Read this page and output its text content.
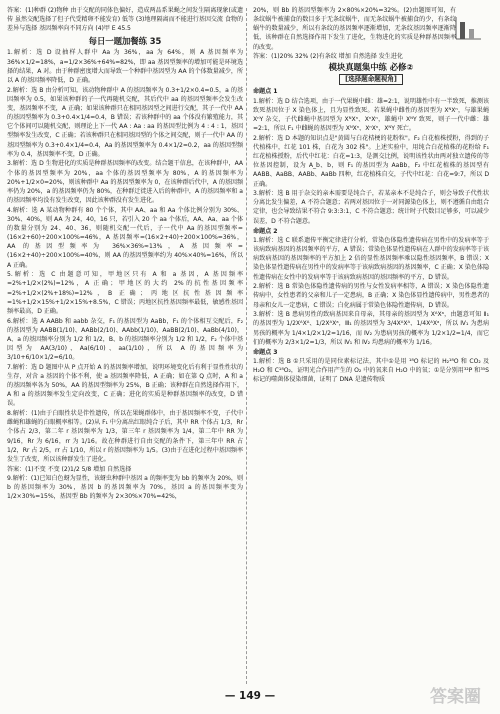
答案：(1)种群 (2)物种 由于交配的同体色偏好，造成两品系果蝇之间发生隔离现象(或遗传 虽然交配选择了但子代受精卵不能发育) 低等 (3)地理隔离而不能进行基因交流 食物的差异与选择 基因频率向不同方向 (4)甲 E 45.5

每日一题加餐练 35

1.解析：选 D 设抽样人群中 Aa 为 36%，aa 为 64%，则 A 基因频率为 36%×1/2=18%，a=1/2×36%+64%=82%，即 aa 基因型频率的增加可能是环境选择的结果，A 对。由于种群密度增大而导致一个种群中基因型为 AA 的个体数量减少，所以 A 的基因频率降低，D 正确。

2.解析：选 B 由分析可知，该动物种群中 A 的基因频率为 0.3+1/2×0.4=0.5，a 的基因频率为 0.5，如果该种群的子一代再随机交配，其后代中 aa 的基因型频率会发生改变，基因频率不变，A 正确；如果该种群只在相同基因型之间进行交配，其子一代中 AA 的基因型频率为 0.3+0.4×1/4=0.4，B 错误；若该种群中的 aa 个体没有繁殖能力，其它个体间可以随机交配，则理论上下一代 AA : Aa : aa 的基因型比例为 4 : 4 : 1，基因型频率发生改变，C 正确；若该种群只在相同基因型的个体之间交配，则子一代中 AA 的基因型频率为 0.3+0.4×1/4=0.4，Aa 的基因型频率为 0.4×1/2=0.2，aa 的基因型频率为 0.4，基因频率不变，D 正确。

3.解析：选 D 生物进化的实质是种群基因频率的改变。结合题干信息，在该种群中，AA 个体的基因型频率为 20%，aa 个体的基因型频率为 80%，A 的基因频率为 20%+1/2×0=20%，则该种群中 Aa 的基因型频率为 0，在该种群后代中，A 的基因频率仍为 20%，a 的基因频率仍为 80%，在种群迁徙进入后的种群中，A 的基因频率和 a 的基因频率均没有发生改变，因此该种群没有发生进化。

4.解析：选 A 某动物种群有 80 个个体，其中 AA、aa 和 Aa 个体比例分别为 30%、30%、40%，则 AA 为 24，40，16 只，若引入 20 个 aa 个体后，AA、Aa、aa 个体的数量分别为 24、40、36，则随机交配一代后，子一代中 Aa 的基因型频率=(16×2+60)÷200×100%=46%，A 基因频率=(16×2+40)÷200×100%=36%，AA 的基因型频率为 36%×36%≈13%，A 基因频率=(16×2+40)÷200×100%=40%，则 AA 的基因型频率约为 40%×40%=16%，所以 A 正确。

5.解析：选 C 由题意可知，甲地区只有 A 和 a 基因，A 基因频率=2%+1/2×(2%)=12%，A 正确；甲地区的大约 2%的抗性基因频率=2%+1/2×(2%+18%)=12%，B 正确；丙地区抗性基因频率=1%+1/2×15%+1/2×15%+8.5%，C 错误；丙地区抗性基因频率最低，敏感性基因频率最高，D 正确。

6.解析：选 A AABb 和 aabb 杂交，F₁ 的基因型为 AaBb，F₁ 的个体相互交配后，F₂ 的基因型为 AABB(1/10)、AABb(2/10)、AAbb(1/10)、AaBB(2/10)、AaBb(4/10)，A、a 的基因频率分别为 1/2 和 1/2，B、b 的基因频率分别为 1/2 和 1/2，F₂ 个体中基因型为 AA(3/10)、Aa(6/10)、aa(1/10)，所以 A 的基因频率为 3/10+6/10×1/2=6/10。

7.解析：选 D 题图中从 P 点开始 A 的基因频率增加，说明环境变化后有利于显性性状的生存，对含 a 基因的个体不利，使 a 基因频率降低，A 正确；如在第 Q 点时，A 和 a 的基因频率各为 50%，AA 的基因型频率为 25%，B 正确；该种群在自然选择作用下，A 和 a 的基因频率发生定向改变，C 正确；进化的实质是种群基因频率的改变，D 错误。

8.解析：(1)由于白眼性状是伴性遗传，所以在果蝇群体中，由于基因频率不变，子代中雌蝇和雄蝇的白眼概率相等。(2)从 F₁ 中分离出红眼纯合子后，其中 RR 个体占 1/3，Rr 个体占 2/3，第二年 r 基因频率为 1/3，第三年 r 基因频率为 1/4，第二年中 RR 为 9/16，Rr 为 6/16，rr 为 1/16。故在种群进行自由交配的条件下，第三年中 RR 占 1/2，Rr 占 2/5，rr 占 1/10，所以 r 的基因频率为 1/5。(3)由于在进化过程中基因频率发生了改变，所以该种群发生了进化。

答案：(1)不变 不变 (2)1/2 5/8 增加 自然选择

9.解析：(1)已知白色蚜为显性，该蚜虫种群中基因 a 的频率变为 bb 的频率为 20%，则 b 的基因频率为 30%，基因 b 的基因频率为 70%，基因 a 的基因频率变为 1/2×30%=15%，基因型 Bb 的频率为 2×30%×70%=42%，

20%，则 Bb 的基因型频率为 2×80%×20%=32%。(2)由题图可知，有条纹蜗牛被捕食的数目多于无条纹蜗牛，而无条纹蜗牛被捕食的少，有条纹蜗牛的数量减少，所以有条纹的基因频率逐渐增加，无条纹基因频率逐渐降低，该种群在自然选择作用下发生了进化，生物进化的实质是种群基因频率的改变。

答案：(1)20% 32% (2)有条纹 增加 自然选择 发生进化

模块真题集中练 必修②
[选择题命题视角]
命题点 1

1.解析：选 D 结合选项，由于一代果蝇中雌：雄=2:1，说明雄性中有一半致死，推测该致死基因位于 X 染色体上，且为显性致死。若果蝇中雌性的基因型为 XᴺXⁿ，与雄果蝇 XⁿY 杂交，子代雌蝇中基因型为 XᴺXⁿ、XⁿXⁿ，雄蝇中 XᴺY 致死，则子一代中雌：雄=2:1，所以 F₁ 中雌蝇的基因型为 XᴺXⁿ、XⁿXⁿ，XᴺY 死亡。

2.解析：选 D 本题的知识点是"黄圆与白花桔梗的花粉粒"。F₂ 白花植株授粉，得到的子代植株中，红花 101 株，白花为 302 株"。上述实验中，用纯合白花植株的花粉给 F₁ 红花植株授粉，后代中红花：白花=1:3，是测交比例，说明该性状由两对独立遗传的等位基因控制，设为 A_b、b，则 F₁ 的基因型为 AaBb，F₂ 中红花植株的基因型有 AABB、AaBB、AABb、AaBb 四种，红花植株自交，子代中红花：白花=9:7，所以 D 正确。

3.解析：选 B 用于杂交的亲本需要是纯合子，若某亲本不是纯合子，则会导致子代性状分离比发生偏差，A 不符合题意；若两对基因位于一对同源染色体上，则不遵循自由组合定律，也会导致结果不符合 9:3:3:1，C 不符合题意；统计时子代数目足够多，可以减少误差，D 不符合题意。

命题点 2

1.解析：选 C 联系遗传平衡定律进行分析，常染色体隐性遗传病在男性中的发病率等于该病致病基因的基因频率的平方，A 错误；常染色体显性遗传病在人群中的发病率等于该病致病基因的基因频率的平方加上 2 倍的显性基因频率乘以隐性基因频率，B 错误；X 染色体显性遗传病在男性中的发病率等于该病致病基因的基因频率，C 正确；X 染色体隐性遗传病在女性中的发病率等于该病致病基因的基因频率的平方，D 错误。

2.解析：选 B 常染色体隐性遗传病的男性与女性发病率相等，A 错误；X 染色体隐性遗传病中，女性患者的父亲和儿子一定患病，B 正确；X 染色体显性遗传病中，男性患者的母亲和女儿一定患病，C 错误；白化病属于常染色体隐性遗传病，D 错误。

3.解析：选 B 患病男性的致病基因来自母亲，其母亲的基因型为 XᴬXᵃ，由题意可知 Ⅱ₁ 的基因型为 1/2XᴬXᴬ、1/2XᴬXᵃ，Ⅲ₁ 的基因型为 3/4XᴬXᴬ、1/4XᴬXᵃ，所以 Ⅳ₁ 为患病男孩的概率为 1/4×1/2×1/2=1/16，而 Ⅳ₂ 为患病男孩的概率为 1/2×1/2=1/4，而它们的概率为 2/3×1/2=1/3，所以 Ⅳ₁ 和 Ⅳ₂ 均患病的概率为 1/16。

命题点 3

1.解析：选 B ①只采用的是同位素标记法，其中①是用 ¹⁸O 标记的 H₂¹⁸O 和 CO₂ 及 H₂O 和 C¹⁸O₂，证明光合作用产生的 O₂ 中的氧来自 H₂O 中的氧；①是分别用³²P 和³⁵S 标记的噬菌体侵染细菌，证明了 DNA 是遗传物质

— 149 —	答案圈
